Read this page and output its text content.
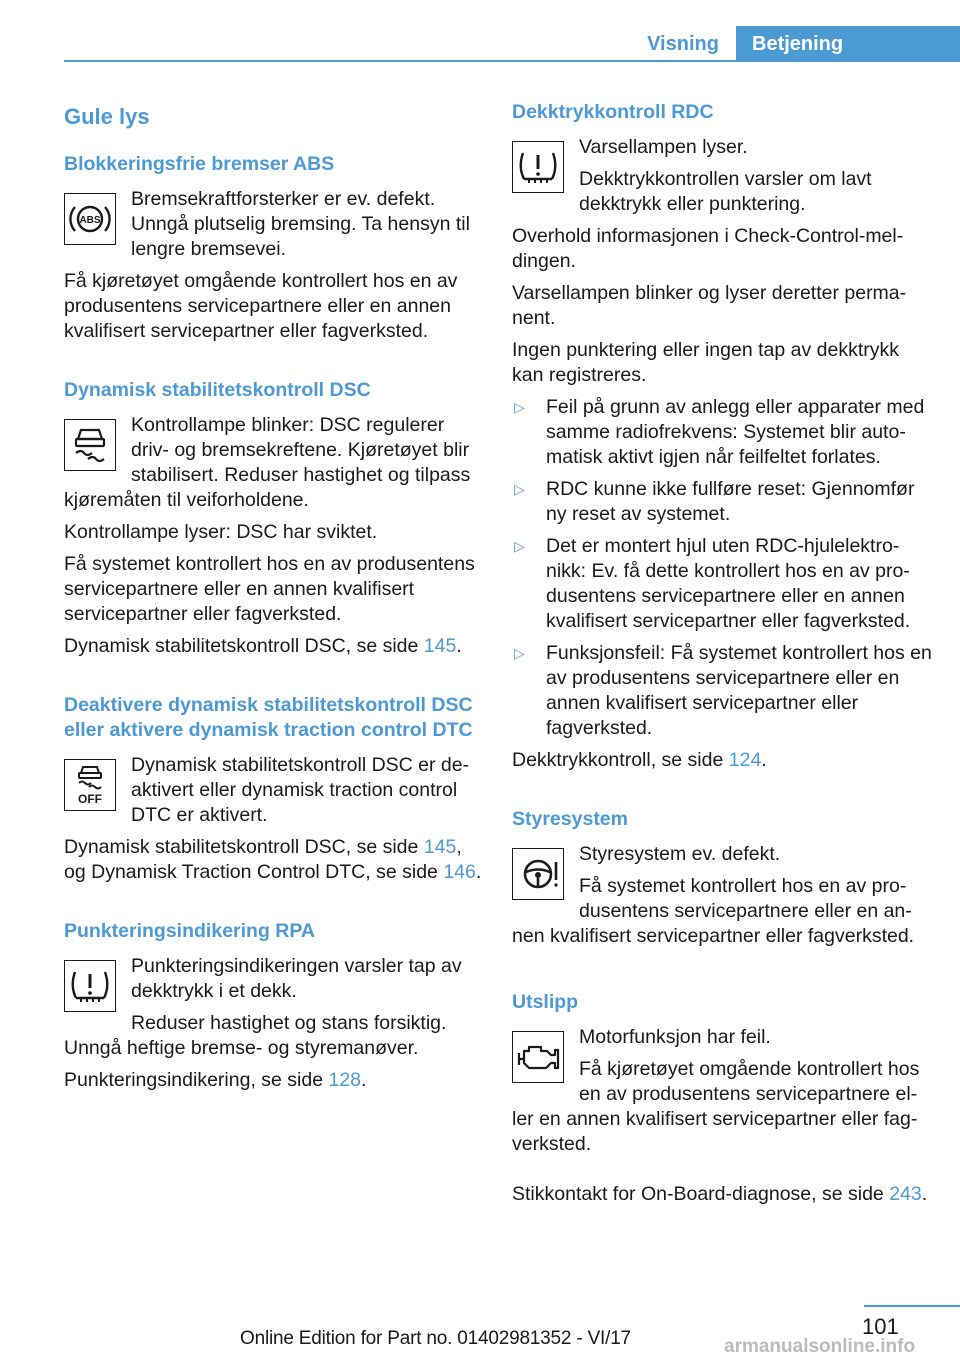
Visning Betjening
Gule lys
Blokkeringsfrie bremser ABS
ABS

Bremsekraftforsterker er ev. defekt. Unngå plutselig bremsing. Ta hensyn til lengre bremsevei.

Få kjøretøyet omgående kontrollert hos en av produsentens servicepartnere eller en annen kvalifisert servicepartner eller fagverksted.

Dynamisk stabilitetskontroll DSC

Kontrollampe blinker: DSC regulerer driv- og bremsekreftene. Kjøretøyet blir stabilisert. Reduser hastighet og tilpass kjøremåten til veiforholdene.

Kontrollampe lyser: DSC har sviktet.

Få systemet kontrollert hos en av produsentens servicepartnere eller en annen kvalifisert servicepartner eller fagverksted.

Dynamisk stabilitetskontroll DSC, se side 145.

Deaktivere dynamisk stabilitetskontroll DSC eller aktivere dynamisk traction control DTC
OFF

Dynamisk stabilitetskontroll DSC er deaktivert eller dynamisk traction control DTC er aktivert.

Dynamisk stabilitetskontroll DSC, se side 145, og Dynamisk Traction Control DTC, se side 146.

Punkteringsindikering RPA

Punkteringsindikeringen varsler tap av dekktrykk i et dekk.

Reduser hastighet og stans forsiktig. Unngå heftige bremse- og styremanøver.

Punkteringsindikering, se side 128.

Dekktrykkontroll RDC

Varsellampen lyser.

Dekktrykkontrollen varsler om lavt dekktrykk eller punktering.

Overhold informasjonen i Check-Control-meldingen.

Varsellampen blinker og lyser deretter permanent.

Ingen punktering eller ingen tap av dekktrykk kan registreres.

▷ Feil på grunn av anlegg eller apparater med samme radiofrekvens: Systemet blir automatisk aktivt igjen når feilfeltet forlates.
▷ RDC kunne ikke fullføre reset: Gjennomfør ny reset av systemet.
▷ Det er montert hjul uten RDC-hjulelektronikk: Ev. få dette kontrollert hos en av produsentens servicepartnere eller en annen kvalifisert servicepartner eller fagverksted.
▷ Funksjonsfeil: Få systemet kontrollert hos en av produsentens servicepartnere eller en annen kvalifisert servicepartner eller fagverksted.

Dekktrykkontroll, se side 124.

Styresystem

Styresystem ev. defekt.

Få systemet kontrollert hos en av produsentens servicepartnere eller en annen kvalifisert servicepartner eller fagverksted.

Utslipp

Motorfunksjon har feil.

Få kjøretøyet omgående kontrollert hos en av produsentens servicepartnere eller en annen kvalifisert servicepartner eller fagverksted.

Stikkontakt for On-Board-diagnose, se side 243.

101
Online Edition for Part no. 01402981352 - VI/17	armanualsonline.info
